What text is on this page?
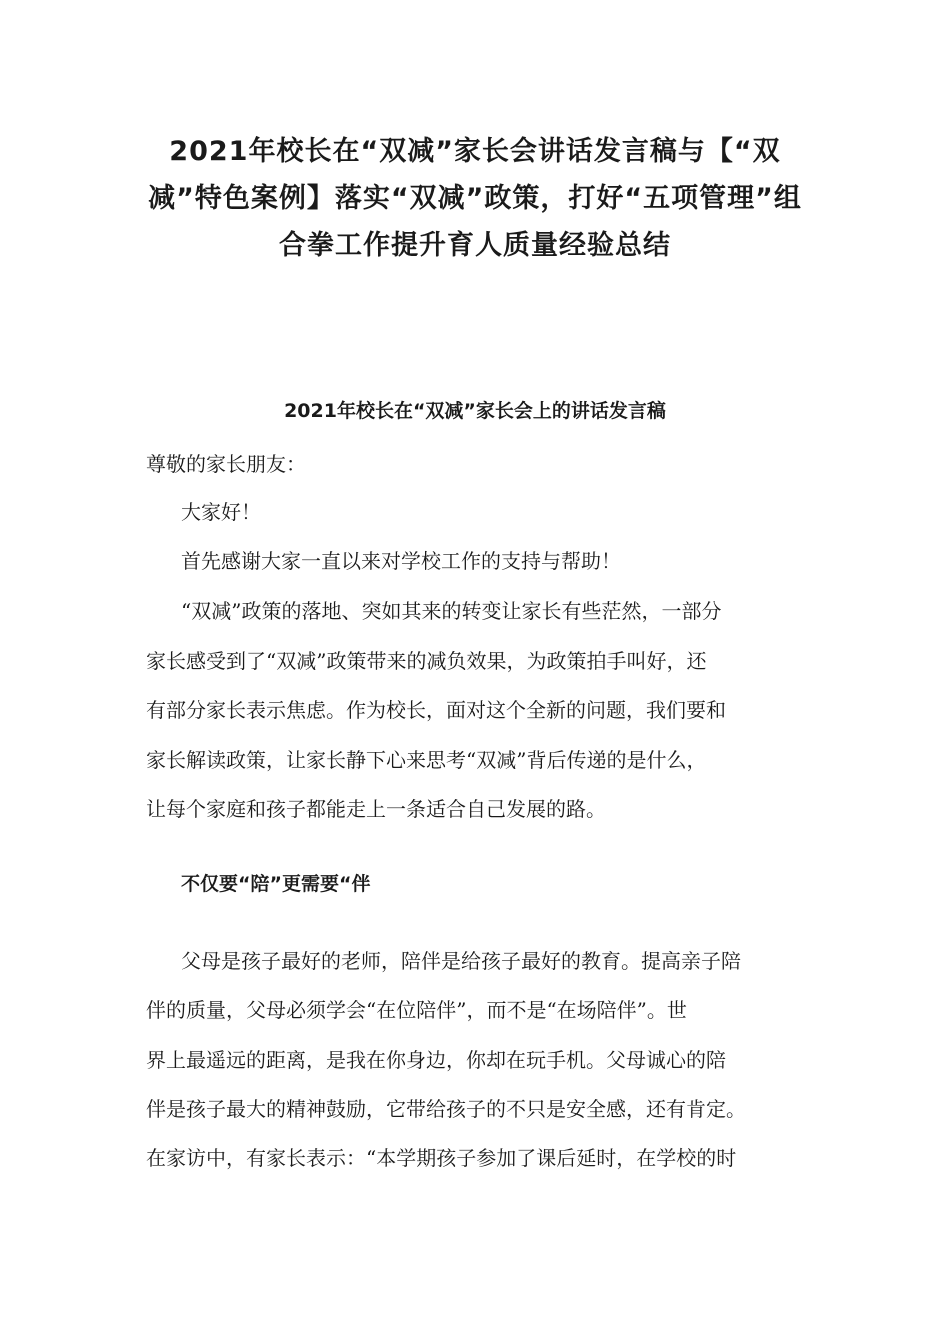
2021年校长在“双减”家长会讲话发言稿与【“双减”特色案例】落实“双减”政策，打好“五项管理”组合拳工作提升育人质量经验总结
2021年校长在“双减”家长会上的讲话发言稿

尊敬的家长朋友：

大家好！

首先感谢大家一直以来对学校工作的支持与帮助！

“双减”政策的落地、突如其来的转变让家长有些茫然，一部分

家长感受到了“双减”政策带来的减负效果，为政策拍手叫好，还

有部分家长表示焦虑。作为校长，面对这个全新的问题，我们要和

家长解读政策，让家长静下心来思考“双减”背后传递的是什么，

让每个家庭和孩子都能走上一条适合自己发展的路。

不仅要“陪”更需要“伴

父母是孩子最好的老师，陪伴是给孩子最好的教育。提高亲子陪

伴的质量，父母必须学会“在位陪伴”，而不是“在场陪伴”。世

界上最遥远的距离，是我在你身边，你却在玩手机。父母诚心的陪

伴是孩子最大的精神鼓励，它带给孩子的不只是安全感，还有肯定。

在家访中，有家长表示：“本学期孩子参加了课后延时，在学校的时
